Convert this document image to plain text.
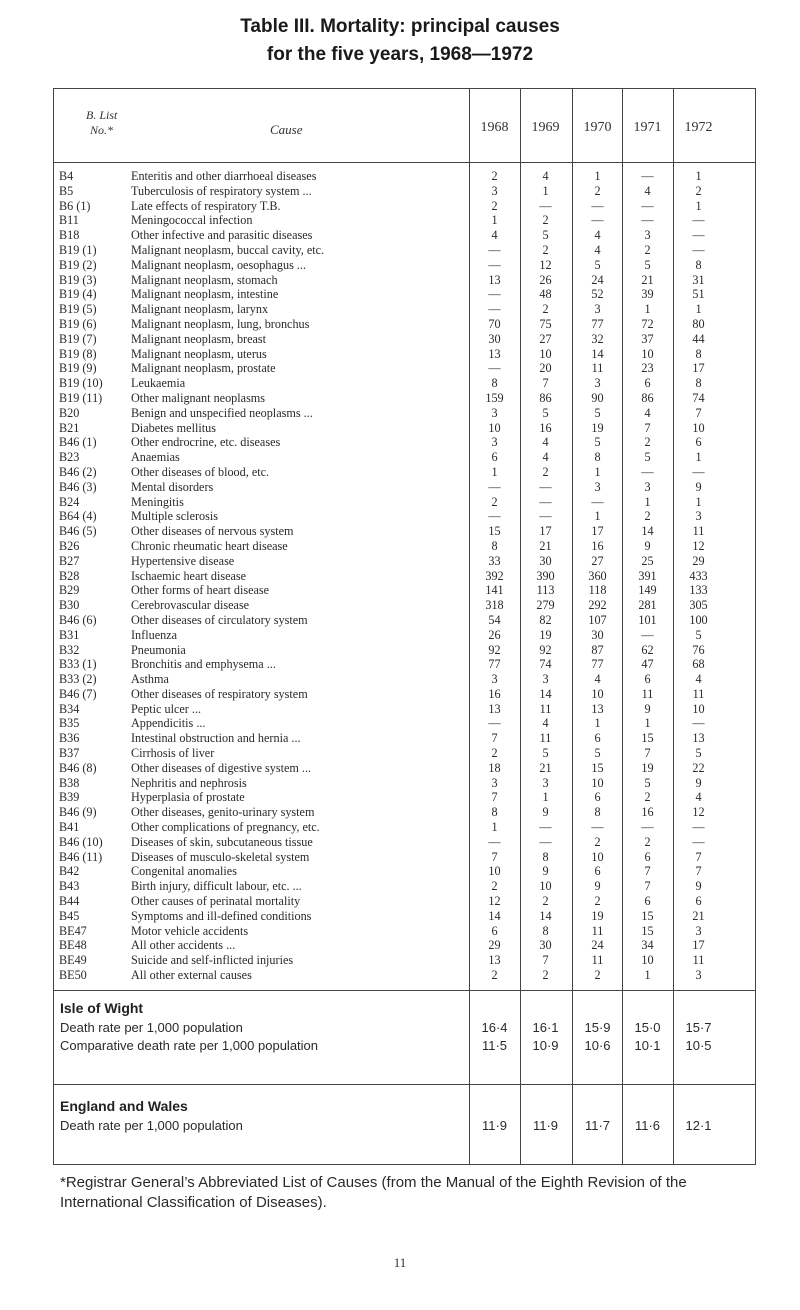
Table III. Mortality: principal causes
for the five years, 1968—1972
B. List
No.*	Cause	1968	1969	1970	1971	1972
B4	Enteritis and other diarrhoeal diseases	2	4	1	—	1
B5	Tuberculosis of respiratory system ...	3	1	2	4	2
B6 (1)	Late effects of respiratory T.B.	2	—	—	—	1
B11	Meningococcal infection	1	2	—	—	—
B18	Other infective and parasitic diseases	4	5	4	3	—
B19 (1)	Malignant neoplasm, buccal cavity, etc.	—	2	4	2	—
B19 (2)	Malignant neoplasm, oesophagus ...	—	12	5	5	8
B19 (3)	Malignant neoplasm, stomach	13	26	24	21	31
B19 (4)	Malignant neoplasm, intestine	—	48	52	39	51
B19 (5)	Malignant neoplasm, larynx	—	2	3	1	1
B19 (6)	Malignant neoplasm, lung, bronchus	70	75	77	72	80
B19 (7)	Malignant neoplasm, breast	30	27	32	37	44
B19 (8)	Malignant neoplasm, uterus	13	10	14	10	8
B19 (9)	Malignant neoplasm, prostate	—	20	11	23	17
B19 (10) Leukaemia	8	7	3	6	8
B19 (11) Other malignant neoplasms	159	86	90	86	74
B20	Benign and unspecified neoplasms ...	3	5	5	4	7
B21	Diabetes mellitus	10	16	19	7	10
B46 (1)	Other endrocrine, etc. diseases	3	4	5	2	6
B23	Anaemias	6	4	8	5	1
B46 (2)	Other diseases of blood, etc.	1	2	1	—	—
B46 (3)	Mental disorders	—	—	3	3	9
B24	Meningitis	2	—	—	1	1
B64 (4)	Multiple sclerosis	—	—	1	2	3
B46 (5)	Other diseases of nervous system	15	17	17	14	11
B26	Chronic rheumatic heart disease	8	21	16	9	12
B27	Hypertensive disease	33	30	27	25	29
B28	Ischaemic heart disease	392	390	360	391	433
B29	Other forms of heart disease	141	113	118	149	133
B30	Cerebrovascular disease	318	279	292	281	305
B46 (6)	Other diseases of circulatory system	54	82	107	101	100
B31	Influenza	26	19	30	—	5
B32	Pneumonia	92	92	87	62	76
B33 (1)	Bronchitis and emphysema ...	77	74	77	47	68
B33 (2)	Asthma	3	3	4	6	4
B46 (7)	Other diseases of respiratory system	16	14	10	11	11
B34	Peptic ulcer ...	13	11	13	9	10
B35	Appendicitis ...	—	4	1	1	—
B36	Intestinal obstruction and hernia ...	7	11	6	15	13
B37	Cirrhosis of liver	2	5	5	7	5
B46 (8)	Other diseases of digestive system ...	18	21	15	19	22
B38	Nephritis and nephrosis	3	3	10	5	9
B39	Hyperplasia of prostate	7	1	6	2	4
B46 (9)	Other diseases, genito-urinary system	8	9	8	16	12
B41	Other complications of pregnancy, etc.	1	—	—	—	—
B46 (10) Diseases of skin, subcutaneous tissue	—	—	2	2	—
B46 (11) Diseases of musculo-skeletal system	7	8	10	6	7
B42	Congenital anomalies	10	9	6	7	7
B43	Birth injury, difficult labour, etc. ...	2	10	9	7	9
B44	Other causes of perinatal mortality	12	2	2	6	6
B45	Symptoms and ill-defined conditions	14	14	19	15	21
BE47	Motor vehicle accidents	6	8	11	15	3
BE48	All other accidents ...	29	30	24	34	17
BE49	Suicide and self-inflicted injuries	13	7	11	10	11
BE50	All other external causes	2	2	2	1	3
Isle of Wight
Death rate per 1,000 population	16·4	16·1	15·9	15·0	15·7
Comparative death rate per 1,000 population	11·5	10·9	10·6	10·1	10·5
England and Wales
Death rate per 1,000 population	11·9	11·9	11·7	11·6	12·1
*Registrar General’s Abbreviated List of Causes (from the Manual of the Eighth Revision of the International Classification of Diseases).
11
